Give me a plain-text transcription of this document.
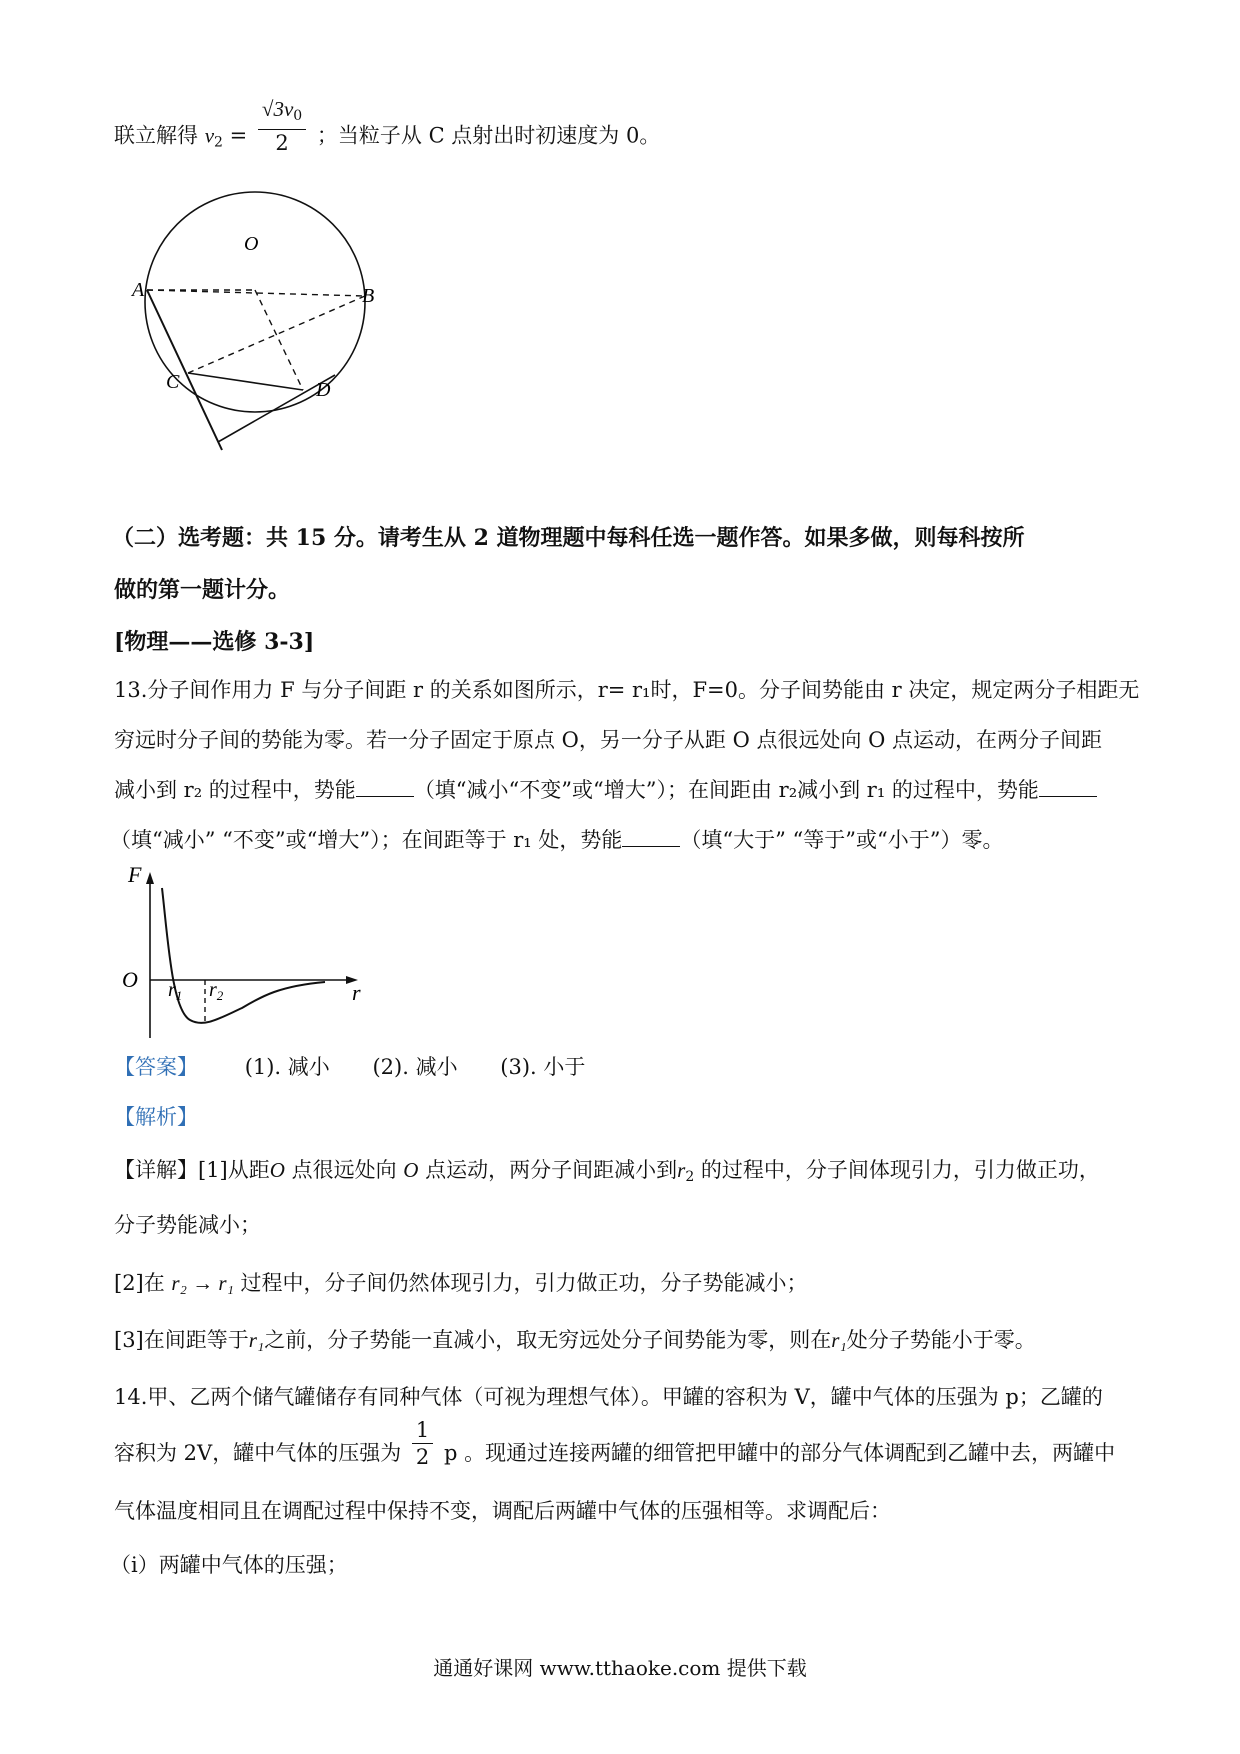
联立解得 $v_2 = \frac{√3v_0}{2}$ ；当粒子从 C 点射出时初速度为 0。
A
O
B
C	D
（二）选考题：共 15 分。请考生从 2 道物理题中每科任选一题作答。如果多做，则每科按所
做的第一题计分。
[物理——选修 3-3]
13.分子间作用力 F 与分子间距 r 的关系如图所示，r= r₁时，F=0。分子间势能由 r 决定，规定两分子相距无
穷远时分子间的势能为零。若一分子固定于原点 O，另一分子从距 O 点很远处向 O 点运动，在两分子间距
减小到 r₂ 的过程中，势能	（填“减小“不变”或“增大”）；在间距由 r₂减小到 r₁ 的过程中，势能
（填“减小” “不变”或“增大”）；在间距等于 r₁ 处，势能	（填“大于” “等于”或“小于”）零。
F
O $r_1$ $r_2$	r
【答案】 (1). 减小 (2). 减小 (3). 小于
【解析】
【详解】[1]从距O 点很远处向 O 点运动，两分子间距减小到$r_2$ 的过程中，分子间体现引力，引力做正功，
分子势能减小；
[2]在 r₂ → r₁ 过程中，分子间仍然体现引力，引力做正功，分子势能减小；
[3]在间距等于r₁之前，分子势能一直减小，取无穷远处分子间势能为零，则在r₁处分子势能小于零。
14.甲、乙两个储气罐储存有同种气体（可视为理想气体）。甲罐的容积为 V，罐中气体的压强为 p；乙罐的
容积为 2V，罐中气体的压强为 $\frac{1}{2}$ p 。现通过连接两罐的细管把甲罐中的部分气体调配到乙罐中去，两罐中
气体温度相同且在调配过程中保持不变，调配后两罐中气体的压强相等。求调配后：
（i）两罐中气体的压强；
通通好课网 www.tthaoke.com 提供下载
